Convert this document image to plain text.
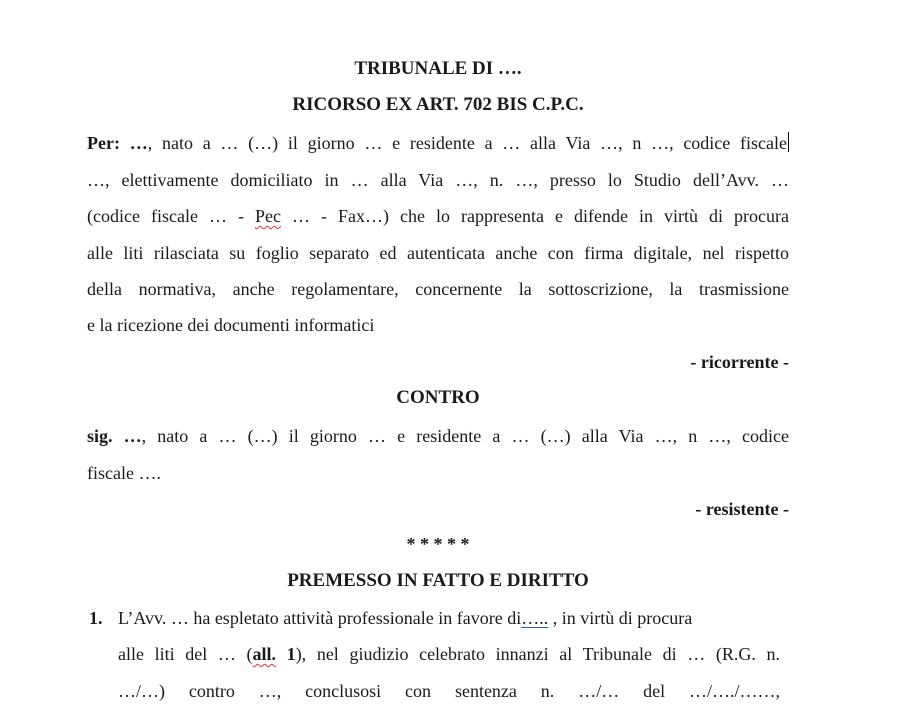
TRIBUNALE DI ….
RICORSO EX ART. 702 BIS C.P.C.
Per: …, nato a … (…) il giorno … e residente a … alla Via …, n …, codice fiscale
…, elettivamente domiciliato in … alla Via …, n. …, presso lo Studio dell’Avv. …
(codice fiscale … - Pec … - Fax…) che lo rappresenta e difende in virtù di procura
alle liti rilasciata su foglio separato ed autenticata anche con firma digitale, nel rispetto
della normativa, anche regolamentare, concernente la sottoscrizione, la trasmissione
e la ricezione dei documenti informatici
- ricorrente -
CONTRO
sig. …, nato a … (…) il giorno … e residente a … (…) alla Via …, n …, codice
fiscale ….
- resistente -
* * * * *
PREMESSO IN FATTO E DIRITTO
1. L’Avv. … ha espletato attività professionale in favore di….. , in virtù di procura
alle liti del … (all. 1), nel giudizio celebrato innanzi al Tribunale di … (R.G. n.
…/…) contro …, conclusosi con sentenza n. …/… del …/…./……,
